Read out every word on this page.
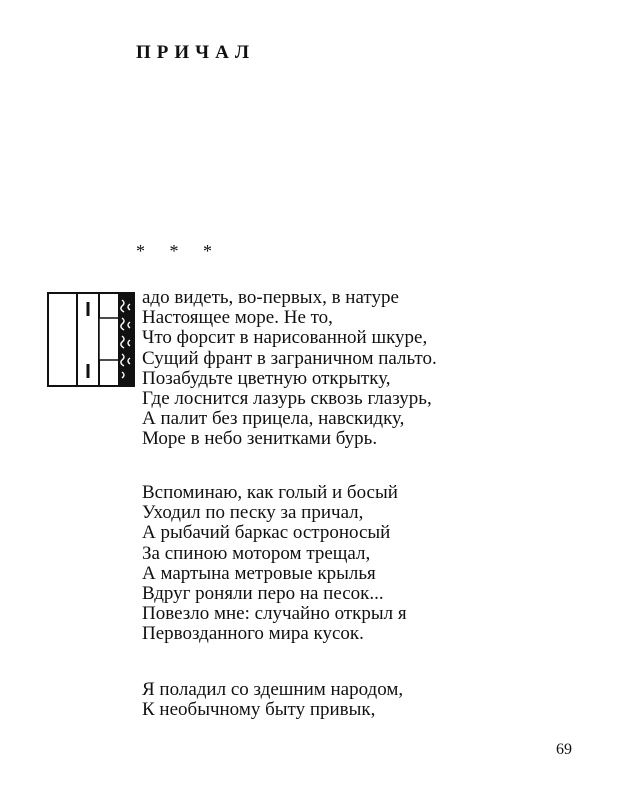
ПРИЧАЛ
* * *
адо видеть, во-первых, в натуре
Настоящее море. Не то,
Что форсит в нарисованной шкуре,
Сущий франт в заграничном пальто.
Позабудьте цветную открытку,
Где лоснится лазурь сквозь глазурь,
А палит без прицела, навскидку,
Море в небо зенитками бурь.
Вспоминаю, как голый и босый
Уходил по песку за причал,
А рыбачий баркас остроносый
За спиною мотором трещал,
А мартына метровые крылья
Вдруг роняли перо на песок...
Повезло мне: случайно открыл я
Первозданного мира кусок.
Я поладил со здешним народом,
К необычному быту привык,
69
